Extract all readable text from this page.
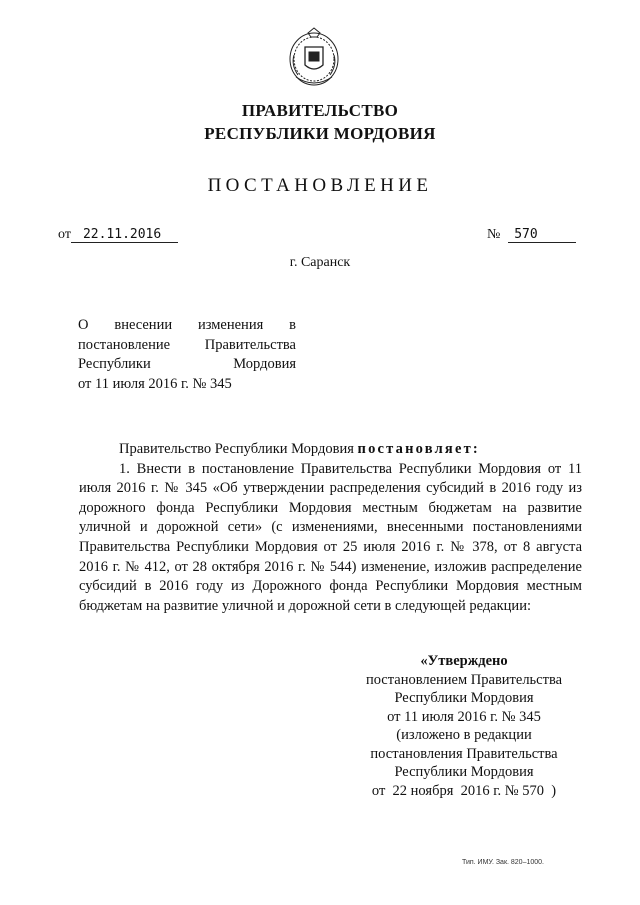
ПРАВИТЕЛЬСТВО
РЕСПУБЛИКИ МОРДОВИЯ
ПОСТАНОВЛЕНИЕ
от 22.11.2016	№ 570
г. Саранск
О внесении изменения в
постановление Правительства
Республики	Мордовия
от 11 июля 2016 г. № 345

Правительство Республики Мордовия постановляет:

1. Внести в постановление Правительства Республики Мордовия от 11 июля 2016 г. № 345 «Об утверждении распределения субсидий в 2016 году из дорожного фонда Республики Мордовия местным бюджетам на развитие уличной и дорожной сети» (с изменениями, внесенными постановлениями Правительства Республики Мордовия от 25 июля 2016 г. № 378, от 8 августа 2016 г. № 412, от 28 октября 2016 г. № 544) изменение, изложив распределение субсидий в 2016 году из Дорожного фонда Республики Мордовия местным бюджетам на развитие уличной и дорожной сети в следующей редакции:

«Утверждено
постановлением Правительства
Республики Мордовия
от 11 июля 2016 г. № 345
(изложено в редакции
постановления Правительства
Республики Мордовия
от  22 ноября  2016 г. № 570  )
Тип. ИМУ. Зак. 820–1000.
